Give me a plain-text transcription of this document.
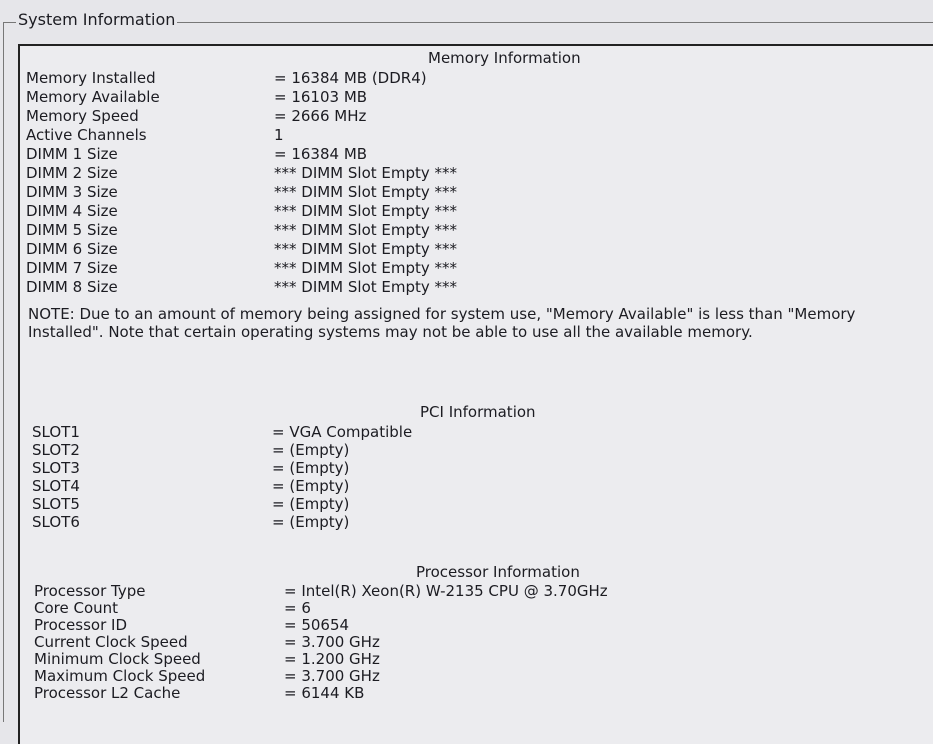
System Information
Memory Information
Memory Installed	= 16384 MB (DDR4)
Memory Available	= 16103 MB
Memory Speed	= 2666 MHz
Active Channels	1
DIMM 1 Size	= 16384 MB
DIMM 2 Size	*** DIMM Slot Empty ***
DIMM 3 Size	*** DIMM Slot Empty ***
DIMM 4 Size	*** DIMM Slot Empty ***
DIMM 5 Size	*** DIMM Slot Empty ***
DIMM 6 Size	*** DIMM Slot Empty ***
DIMM 7 Size	*** DIMM Slot Empty ***
DIMM 8 Size	*** DIMM Slot Empty ***
NOTE: Due to an amount of memory being assigned for system use, "Memory Available" is less than "Memory Installed". Note that certain operating systems may not be able to use all the available memory.
PCI Information
SLOT1	= VGA Compatible
SLOT2	= (Empty)
SLOT3	= (Empty)
SLOT4	= (Empty)
SLOT5	= (Empty)
SLOT6	= (Empty)
Processor Information
Processor Type	= Intel(R) Xeon(R) W-2135 CPU @ 3.70GHz
Core Count	= 6
Processor ID	= 50654
Current Clock Speed	= 3.700 GHz
Minimum Clock Speed	= 1.200 GHz
Maximum Clock Speed	= 3.700 GHz
Processor L2 Cache	= 6144 KB
